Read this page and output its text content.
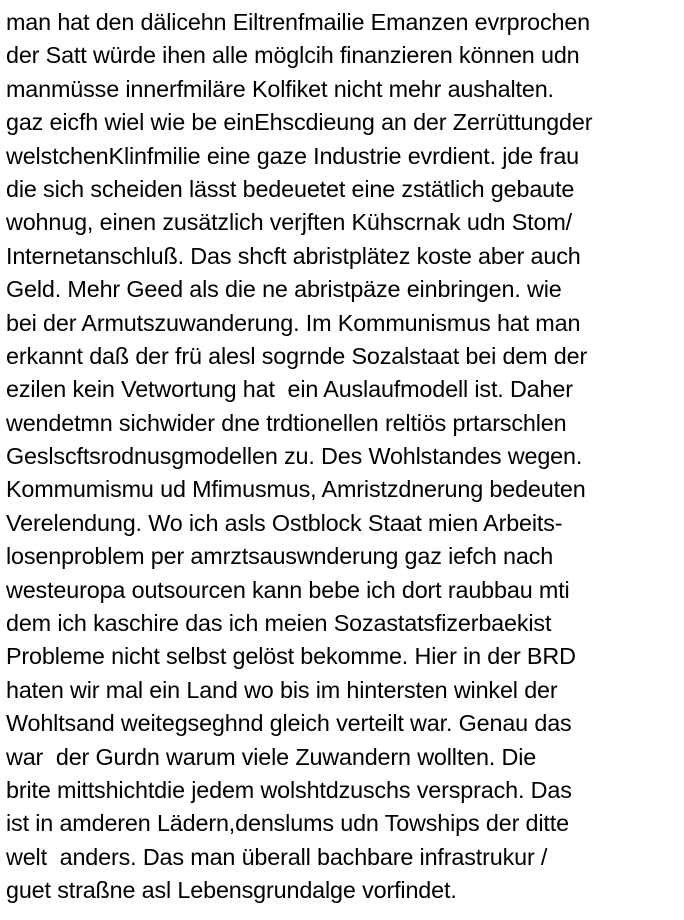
man hat den dälicehn Eiltrenfmailie Emanzen evrprochen
der Satt würde ihen alle möglcih finanzieren können udn
manmüsse innerfmiläre Kolfiket nicht mehr aushalten.
gaz eicfh wiel wie be einEhscdieung an der Zerrüttungder
welstchenKlinfmilie eine gaze Industrie evrdient. jde frau
die sich scheiden lässt bedeuetet eine zstätlich gebaute
wohnug, einen zusätzlich verjften Kühscrnak udn Stom/
Internetanschluß. Das shcft abristplätez koste aber auch
Geld. Mehr Geed als die ne abristpäze einbringen. wie
bei der Armutszuwanderung. Im Kommunismus hat man
erkannt daß der frü alesl sogrnde Sozalstaat bei dem der
ezilen kein Vetwortung hat  ein Auslaufmodell ist. Daher
wendetmn sichwider dne trdtionellen reltiös prtarschlen
Geslscftsrodnusgmodellen zu. Des Wohlstandes wegen.
Kommumismu ud Mfimusmus, Amristzdnerung bedeuten
Verelendung. Wo ich asls Ostblock Staat mien Arbeits-
losenproblem per amrztsauswnderung gaz iefch nach
westeuropa outsourcen kann bebe ich dort raubbau mti
dem ich kaschire das ich meien Sozastatsfizerbaekist
Probleme nicht selbst gelöst bekomme. Hier in der BRD
haten wir mal ein Land wo bis im hintersten winkel der
Wohltsand weitegseghnd gleich verteilt war. Genau das
war  der Gurdn warum viele Zuwandern wollten. Die
brite mittshichtdie jedem wolshtdzuschs versprach. Das
ist in amderen Lädern,denslums udn Towships der ditte
welt  anders. Das man überall bachbare infrastrukur /
guet straßne asl Lebensgrundalge vorfindet.
